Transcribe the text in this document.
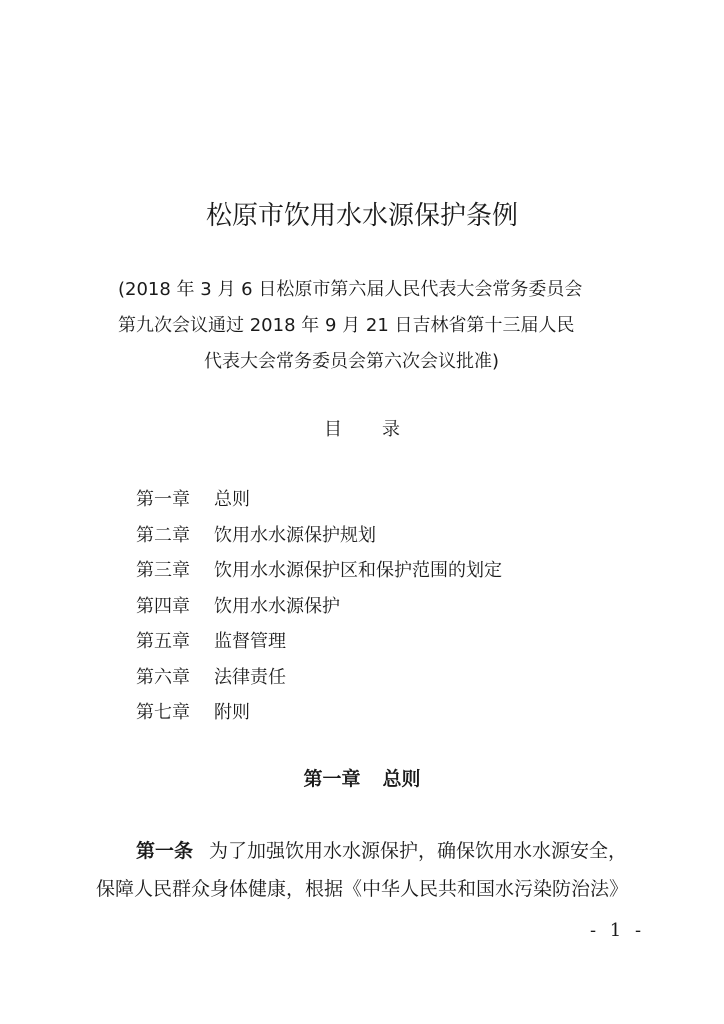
松原市饮用水水源保护条例
(2018 年 3 月 6 日松原市第六届人民代表大会常务委员会
第九次会议通过 2018 年 9 月 21 日吉林省第十三届人民
代表大会常务委员会第六次会议批准)
目录
第一章	总则
第二章	饮用水水源保护规划
第三章	饮用水水源保护区和保护范围的划定
第四章	饮用水水源保护
第五章	监督管理
第六章	法律责任
第七章	附则
第一章 总则
第一条 为了加强饮用水水源保护，确保饮用水水源安全，
保障人民群众身体健康，根据《中华人民共和国水污染防治法》
- 1 -
